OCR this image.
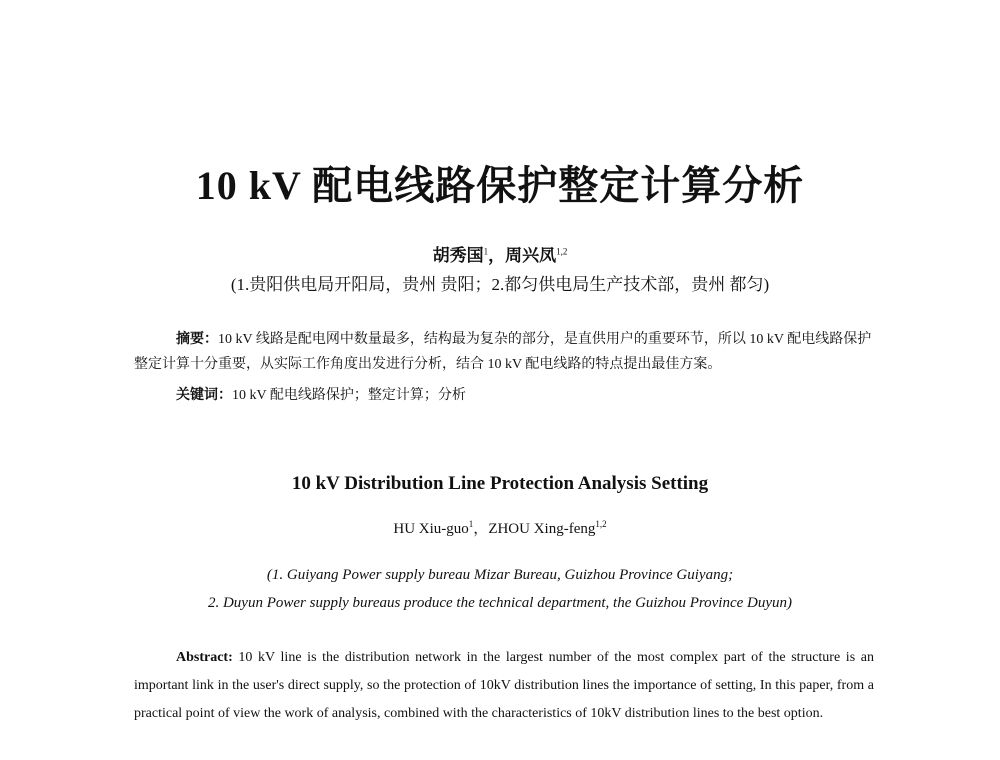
10 kV 配电线路保护整定计算分析
胡秀国$^1$，周兴凤$^{1,2}$
(1.贵阳供电局开阳局，贵州 贵阳；2.都匀供电局生产技术部，贵州 都匀)

摘要：10 kV 线路是配电网中数量最多，结构最为复杂的部分，是直供用户的重要环节，所以 10 kV 配电线路保护整定计算十分重要，从实际工作角度出发进行分析，结合 10 kV 配电线路的特点提出最佳方案。

关键词：10 kV 配电线路保护；整定计算；分析

10 kV Distribution Line Protection Analysis Setting
HU Xiu-guo$^1$，ZHOU Xing-feng$^{1,2}$
(1. Guiyang Power supply bureau Mizar Bureau, Guizhou Province Guiyang;
2. Duyun Power supply bureaus produce the technical department, the Guizhou Province Duyun)

Abstract: 10 kV line is the distribution network in the largest number of the most complex part of the structure is an important link in the user's direct supply, so the protection of 10kV distribution lines the importance of setting, In this paper, from a practical point of view the work of analysis, combined with the characteristics of 10kV distribution lines to the best option.
